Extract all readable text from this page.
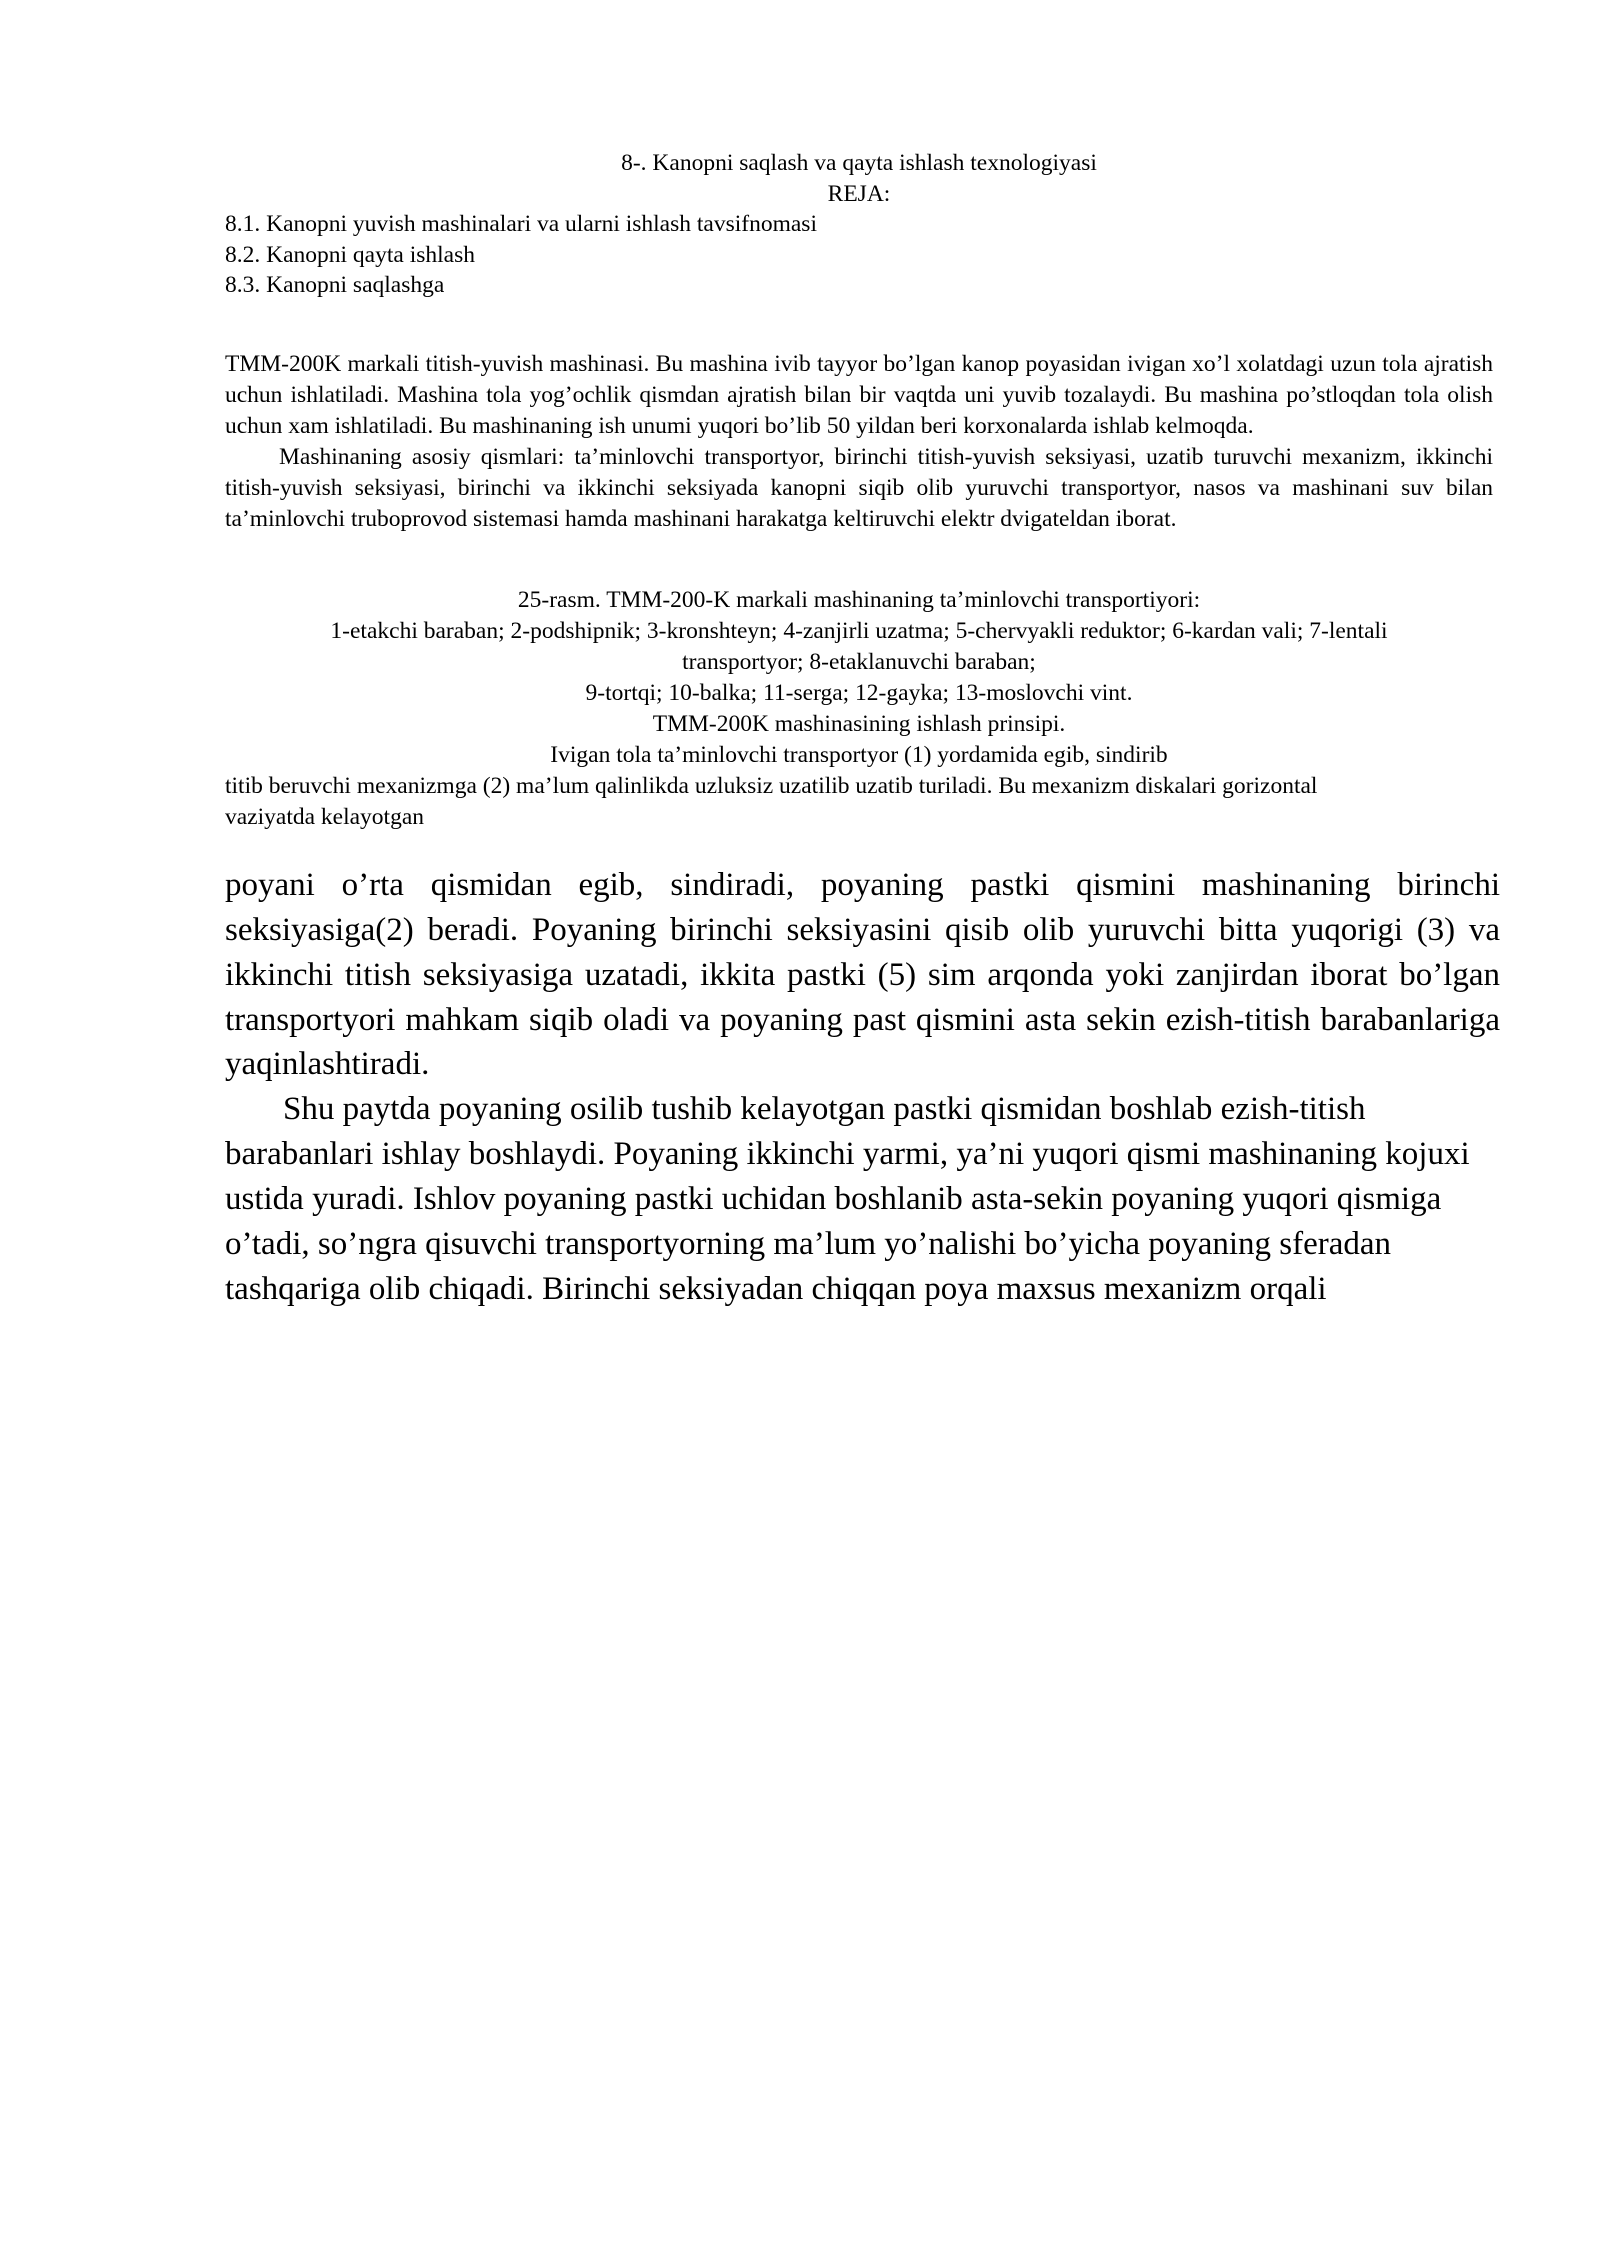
8-. Kanopni saqlash va qayta ishlash texnologiyasi
REJA:
8.1. Kanopni yuvish mashinalari va ularni ishlash tavsifnomasi
8.2. Kanopni qayta ishlash
8.3. Kanopni saqlashga

TMM-200K markali titish-yuvish mashinasi. Bu mashina ivib tayyor bo’lgan kanop poyasidan ivigan xo’l xolatdagi uzun tola ajratish uchun ishlatiladi. Mashina tola yog’ochlik qismdan ajratish bilan bir vaqtda uni yuvib tozalaydi. Bu mashina po’stloqdan tola olish uchun xam ishlatiladi. Bu mashinaning ish unumi yuqori bo’lib 50 yildan beri korxonalarda ishlab kelmoqda.

Mashinaning asosiy qismlari: ta’minlovchi transportyor, birinchi titish-yuvish seksiyasi, uzatib turuvchi mexanizm, ikkinchi titish-yuvish seksiyasi, birinchi va ikkinchi seksiyada kanopni siqib olib yuruvchi transportyor, nasos va mashinani suv bilan ta’minlovchi truboprovod sistemasi hamda mashinani harakatga keltiruvchi elektr dvigateldan iborat.

25-rasm. TMM-200-K markali mashinaning ta’minlovchi transportiyori:

1-etakchi baraban; 2-podshipnik; 3-kronshteyn; 4-zanjirli uzatma; 5-chervyakli reduktor; 6-kardan vali; 7-lentali

transportyor; 8-etaklanuvchi baraban;

9-tortqi; 10-balka; 11-serga; 12-gayka; 13-moslovchi vint.

TMM-200K mashinasining ishlash prinsipi.

Ivigan tola ta’minlovchi transportyor (1) yordamida egib, sindirib

titib beruvchi mexanizmga (2) ma’lum qalinlikda uzluksiz uzatilib uzatib turiladi. Bu mexanizm diskalari gorizontal

vaziyatda kelayotgan

poyani o’rta qismidan egib, sindiradi, poyaning pastki qismini mashinaning birinchi seksiyasiga(2) beradi. Poyaning birinchi seksiyasini qisib olib yuruvchi bitta yuqorigi (3) va ikkinchi titish seksiyasiga uzatadi, ikkita pastki (5) sim arqonda yoki zanjirdan iborat bo’lgan transportyori mahkam siqib oladi va poyaning past qismini asta sekin ezish-titish barabanlariga yaqinlashtiradi.

Shu paytda poyaning osilib tushib kelayotgan pastki qismidan boshlab ezish-titish barabanlari ishlay boshlaydi. Poyaning ikkinchi yarmi, ya’ni yuqori qismi mashinaning kojuxi ustida yuradi. Ishlov poyaning pastki uchidan boshlanib asta-sekin poyaning yuqori qismiga o’tadi, so’ngra qisuvchi transportyorning ma’lum yo’nalishi bo’yicha poyaning sferadan tashqariga olib chiqadi. Birinchi seksiyadan chiqqan poya maxsus mexanizm orqali
